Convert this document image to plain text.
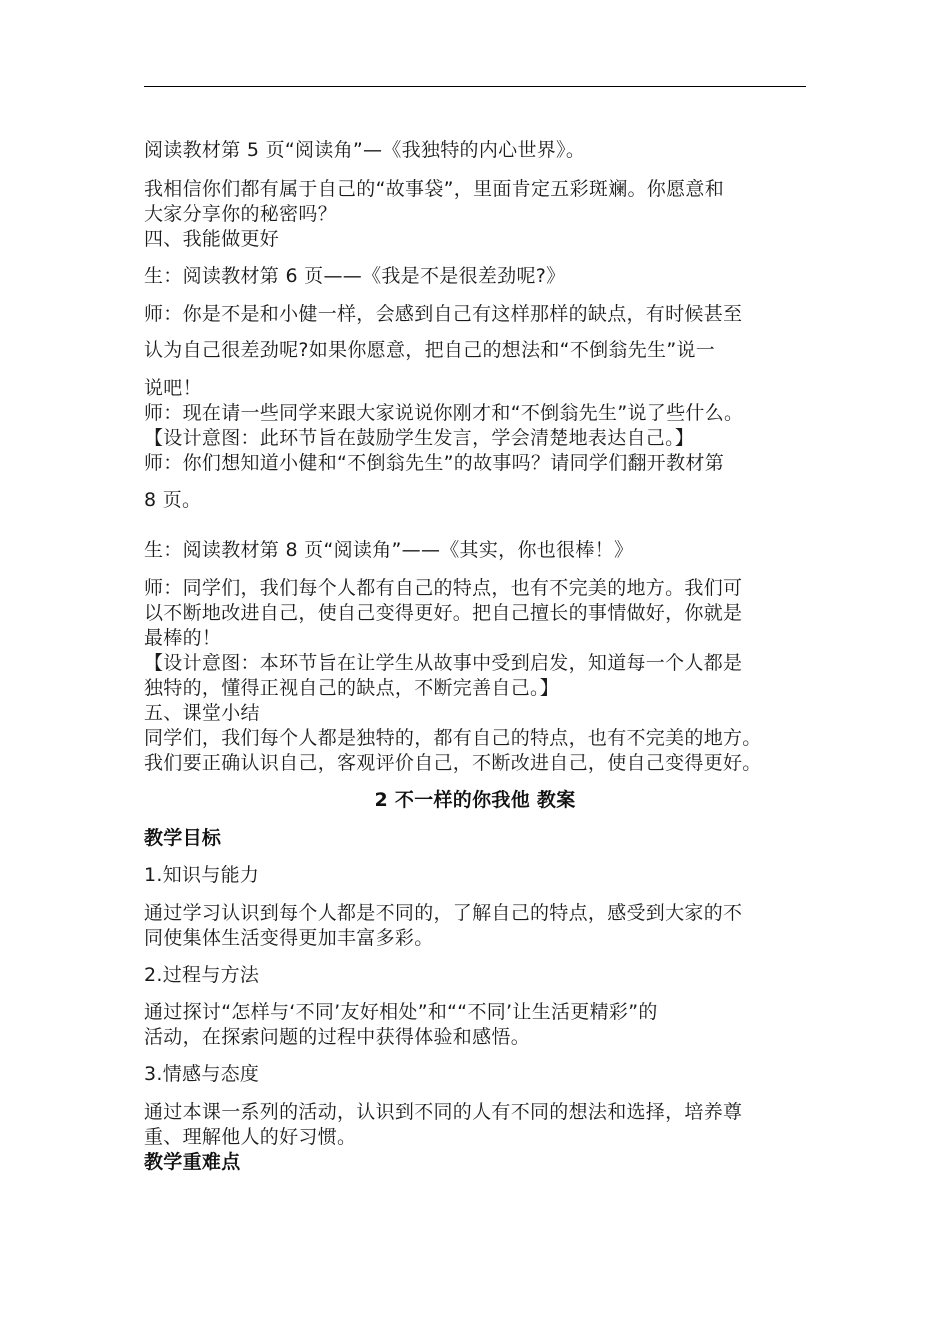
阅读教材第 5 页“阅读角”—《我独特的内心世界》。

我相信你们都有属于自己的“故事袋”，里面肯定五彩斑斓。你愿意和

大家分享你的秘密吗？

四、我能做更好

生：阅读教材第 6 页——《我是不是很差劲呢?》

师：你是不是和小健一样，会感到自己有这样那样的缺点，有时候甚至

认为自己很差劲呢?如果你愿意，把自己的想法和“不倒翁先生”说一

说吧！

师：现在请一些同学来跟大家说说你刚才和“不倒翁先生”说了些什么。

【设计意图：此环节旨在鼓励学生发言，学会清楚地表达自己。】

师：你们想知道小健和“不倒翁先生”的故事吗？请同学们翻开教材第

8 页。

生：阅读教材第 8 页“阅读角”——《其实，你也很棒！》

师：同学们，我们每个人都有自己的特点，也有不完美的地方。我们可

以不断地改进自己，使自己变得更好。把自己擅长的事情做好，你就是

最棒的！

【设计意图：本环节旨在让学生从故事中受到启发，知道每一个人都是

独特的，懂得正视自己的缺点，不断完善自己。】

五、课堂小结

同学们，我们每个人都是独特的，都有自己的特点，也有不完美的地方。

我们要正确认识自己，客观评价自己，不断改进自己，使自己变得更好。

2 不一样的你我他 教案

教学目标

1.知识与能力

通过学习认识到每个人都是不同的，了解自己的特点，感受到大家的不

同使集体生活变得更加丰富多彩。

2.过程与方法

通过探讨“怎样与‘不同’友好相处”和““不同’让生活更精彩”的

活动，在探索问题的过程中获得体验和感悟。

3.情感与态度

通过本课一系列的活动，认识到不同的人有不同的想法和选择，培养尊

重、理解他人的好习惯。

教学重难点
